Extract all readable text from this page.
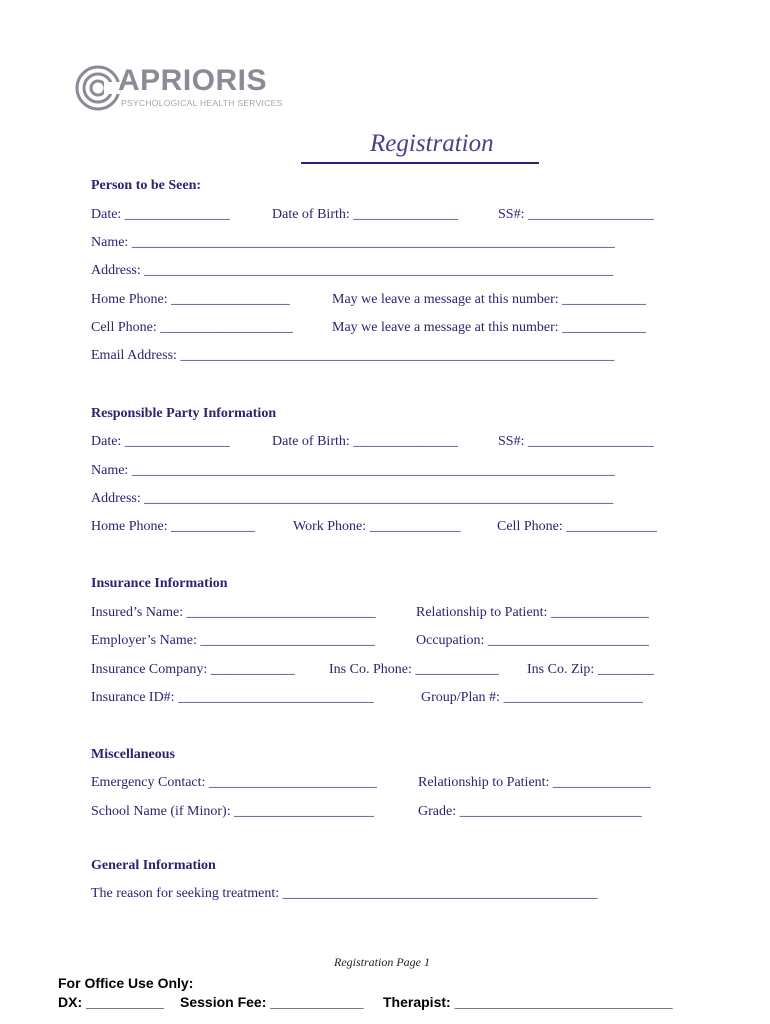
APRIORIS
PSYCHOLOGICAL HEALTH SERVICES
Registration
Person to be Seen:
Date: _______________	Date of Birth: _______________	SS#: __________________
Name: _____________________________________________________________________
Address: ___________________________________________________________________
Home Phone: _________________	May we leave a message at this number: ____________
Cell Phone: ___________________	May we leave a message at this number: ____________
Email Address: ______________________________________________________________
Responsible Party Information
Date: _______________	Date of Birth: _______________	SS#: __________________
Name: _____________________________________________________________________
Address: ___________________________________________________________________
Home Phone: ____________	Work Phone: _____________	Cell Phone: _____________
Insurance Information
Insured’s Name: ___________________________	Relationship to Patient: ______________
Employer’s Name: _________________________	Occupation: _______________________
Insurance Company: ____________ Ins Co. Phone: ____________ Ins Co. Zip: ________
Insurance ID#: ____________________________	Group/Plan #: ____________________
Miscellaneous
Emergency Contact: ________________________	Relationship to Patient: ______________
School Name (if Minor): ____________________	Grade: __________________________
General Information
The reason for seeking treatment: _____________________________________________
Registration Page 1
For Office Use Only:
DX: __________ Session Fee: ____________ Therapist: ____________________________
